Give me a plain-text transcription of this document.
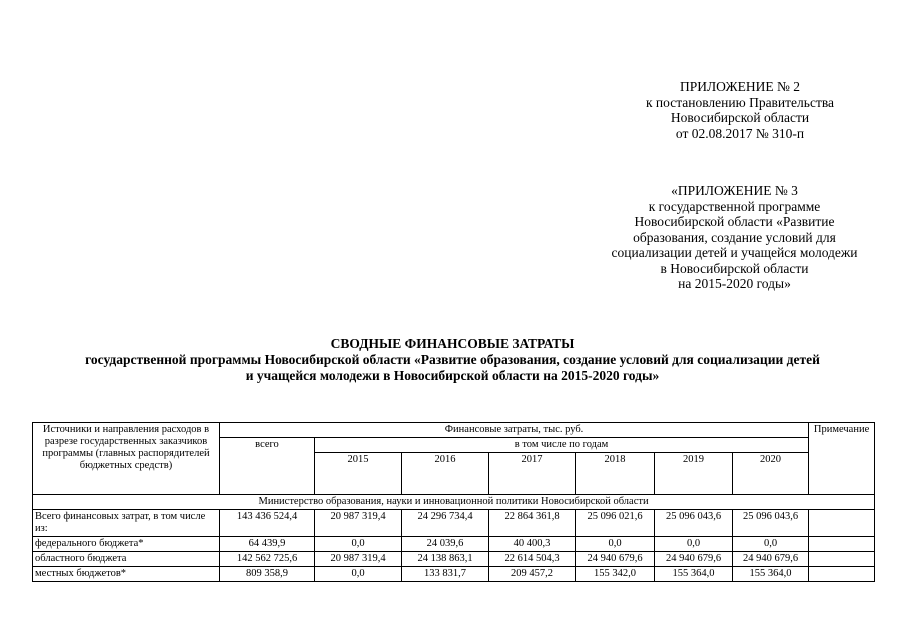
ПРИЛОЖЕНИЕ № 2
к постановлению Правительства
Новосибирской области
от 02.08.2017 № 310-п
«ПРИЛОЖЕНИЕ № 3
к государственной программе
Новосибирской области «Развитие
образования, создание условий для
социализации детей и учащейся молодежи
в Новосибирской области
на 2015-2020 годы»
СВОДНЫЕ ФИНАНСОВЫЕ ЗАТРАТЫ
государственной программы Новосибирской области «Развитие образования, создание условий для социализации детей
и учащейся молодежи в Новосибирской области на 2015-2020 годы»
Источники и направления расходов в разрезе государственных заказчиков программы (главных распорядителей бюджетных средств)	Финансовые затраты, тыс. руб.							Примечание
	всего	в том числе по годам						
		2015	2016	2017	2018	2019	2020	
Министерство образования, науки и инновационной политики Новосибирской области								
Всего финансовых затрат, в том числе из:	143 436 524,4	20 987 319,4	24 296 734,4	22 864 361,8	25 096 021,6	25 096 043,6	25 096 043,6	
федерального бюджета*	64 439,9	0,0	24 039,6	40 400,3	0,0	0,0	0,0	
областного бюджета	142 562 725,6	20 987 319,4	24 138 863,1	22 614 504,3	24 940 679,6	24 940 679,6	24 940 679,6	
местных бюджетов*	809 358,9	0,0	133 831,7	209 457,2	155 342,0	155 364,0	155 364,0	
